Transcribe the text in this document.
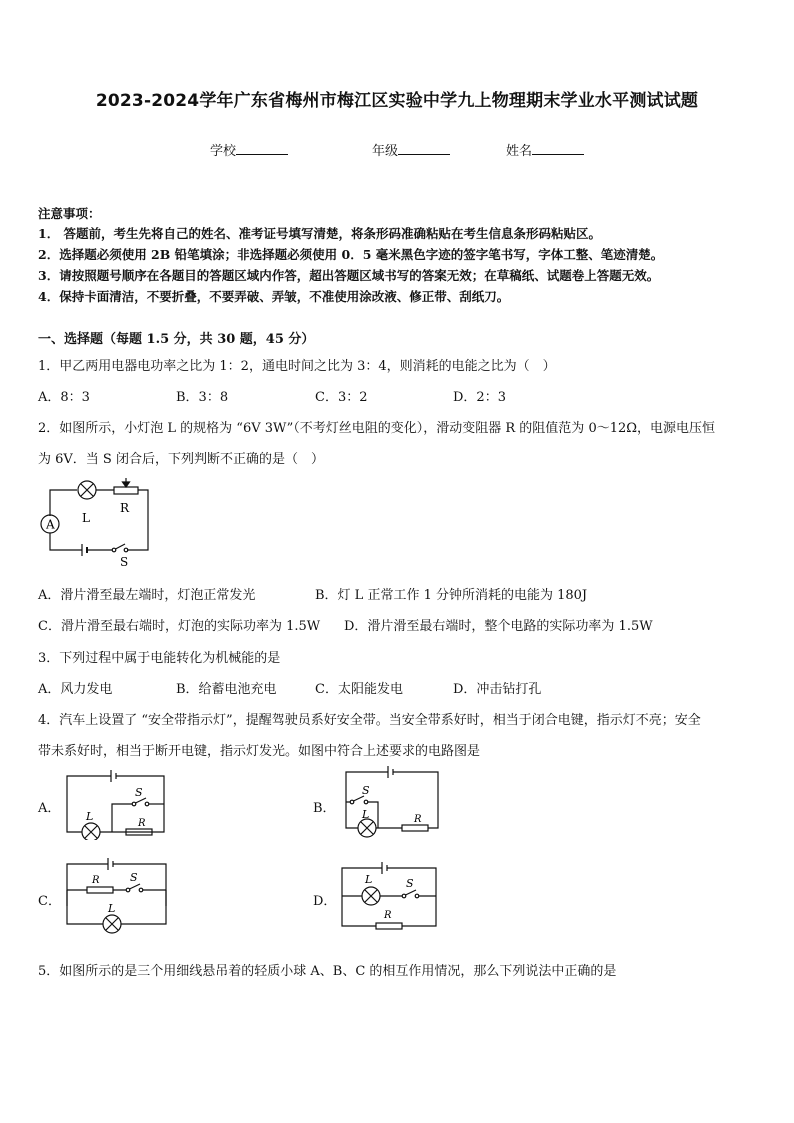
2023-2024学年广东省梅州市梅江区实验中学九上物理期末学业水平测试试题
学校	年级	姓名
注意事项：
1． 答题前，考生先将自己的姓名、准考证号填写清楚，将条形码准确粘贴在考生信息条形码粘贴区。
2．选择题必须使用 2B 铅笔填涂；非选择题必须使用 0．5 毫米黑色字迹的签字笔书写，字体工整、笔迹清楚。
3．请按照题号顺序在各题目的答题区域内作答，超出答题区域书写的答案无效；在草稿纸、试题卷上答题无效。
4．保持卡面清洁，不要折叠，不要弄破、弄皱，不准使用涂改液、修正带、刮纸刀。
一、选择题（每题 1.5 分，共 30 题，45 分）
1．甲乙两用电器电功率之比为 1：2，通电时间之比为 3：4，则消耗的电能之比为（　）
A．8：3	B．3：8	C．3：2	D．2：3
2．如图所示，小灯泡 L 的规格为 “6V 3W”（不考灯丝电阻的变化），滑动变阻器 R 的阻值范为 0～12Ω，电源电压恒
为 6V．当 S 闭合后，下列判断不正确的是（　）
A L
R
S
A．滑片滑至最左端时，灯泡正常发光	B．灯 L 正常工作 1 分钟所消耗的电能为 180J
C．滑片滑至最右端时，灯泡的实际功率为 1.5W D．滑片滑至最右端时，整个电路的实际功率为 1.5W
3．下列过程中属于电能转化为机械能的是
A．风力发电	B．给蓄电池充电	C．太阳能发电	D．冲击钻打孔
4．汽车上设置了 “安全带指示灯”，提醒驾驶员系好安全带。当安全带系好时，相当于闭合电键，指示灯不亮；安全
带未系好时，相当于断开电键，指示灯发光。如图中符合上述要求的电路图是
A．
L
S
R
B．
S
L	R
C．
R	S
L	D．
L	S
R
5．如图所示的是三个用细线悬吊着的轻质小球 A、B、C 的相互作用情况，那么下列说法中正确的是
